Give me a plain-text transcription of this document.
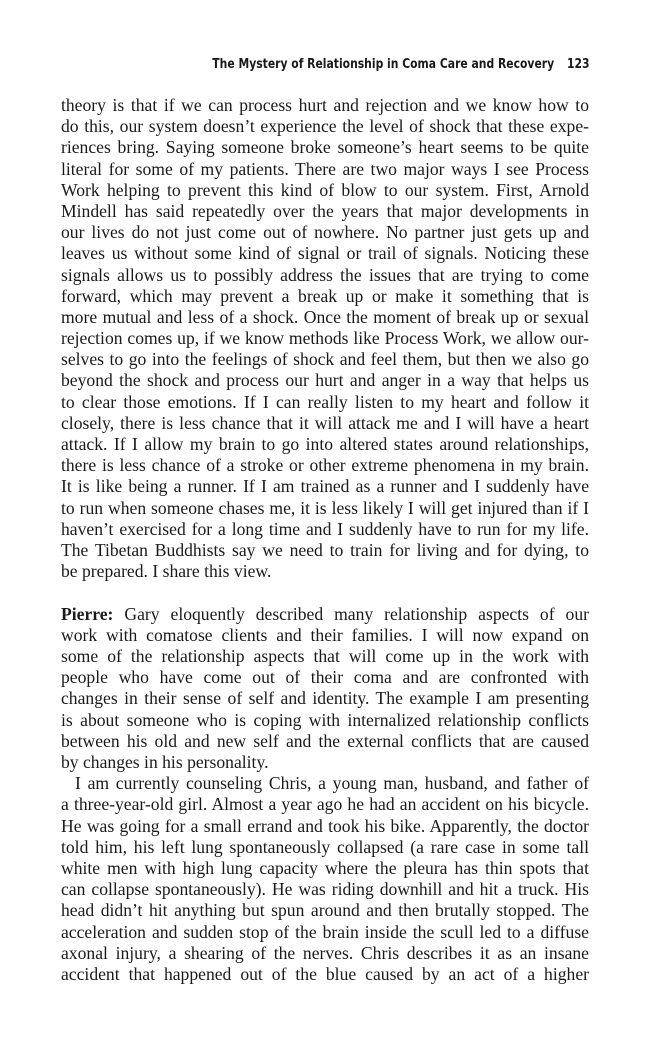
The Mystery of Relationship in Coma Care and Recovery 123
theory is that if we can process hurt and rejection and we know how to
do this, our system doesn’t experience the level of shock that these expe-
riences bring. Saying someone broke someone’s heart seems to be quite
literal for some of my patients. There are two major ways I see Process
Work helping to prevent this kind of blow to our system. First, Arnold
Mindell has said repeatedly over the years that major developments in
our lives do not just come out of nowhere. No partner just gets up and
leaves us without some kind of signal or trail of signals. Noticing these
signals allows us to possibly address the issues that are trying to come
forward, which may prevent a break up or make it something that is
more mutual and less of a shock. Once the moment of break up or sexual
rejection comes up, if we know methods like Process Work, we allow our-
selves to go into the feelings of shock and feel them, but then we also go
beyond the shock and process our hurt and anger in a way that helps us
to clear those emotions. If I can really listen to my heart and follow it
closely, there is less chance that it will attack me and I will have a heart
attack. If I allow my brain to go into altered states around relationships,
there is less chance of a stroke or other extreme phenomena in my brain.
It is like being a runner. If I am trained as a runner and I suddenly have
to run when someone chases me, it is less likely I will get injured than if I
haven’t exercised for a long time and I suddenly have to run for my life.
The Tibetan Buddhists say we need to train for living and for dying, to
be prepared. I share this view.
Pierre: Gary eloquently described many relationship aspects of our
work with comatose clients and their families. I will now expand on
some of the relationship aspects that will come up in the work with
people who have come out of their coma and are confronted with
changes in their sense of self and identity. The example I am presenting
is about someone who is coping with internalized relationship conflicts
between his old and new self and the external conflicts that are caused
by changes in his personality.
I am currently counseling Chris, a young man, husband, and father of
a three-year-old girl. Almost a year ago he had an accident on his bicycle.
He was going for a small errand and took his bike. Apparently, the doctor
told him, his left lung spontaneously collapsed (a rare case in some tall
white men with high lung capacity where the pleura has thin spots that
can collapse spontaneously). He was riding downhill and hit a truck. His
head didn’t hit anything but spun around and then brutally stopped. The
acceleration and sudden stop of the brain inside the scull led to a diffuse
axonal injury, a shearing of the nerves. Chris describes it as an insane
accident that happened out of the blue caused by an act of a higher
